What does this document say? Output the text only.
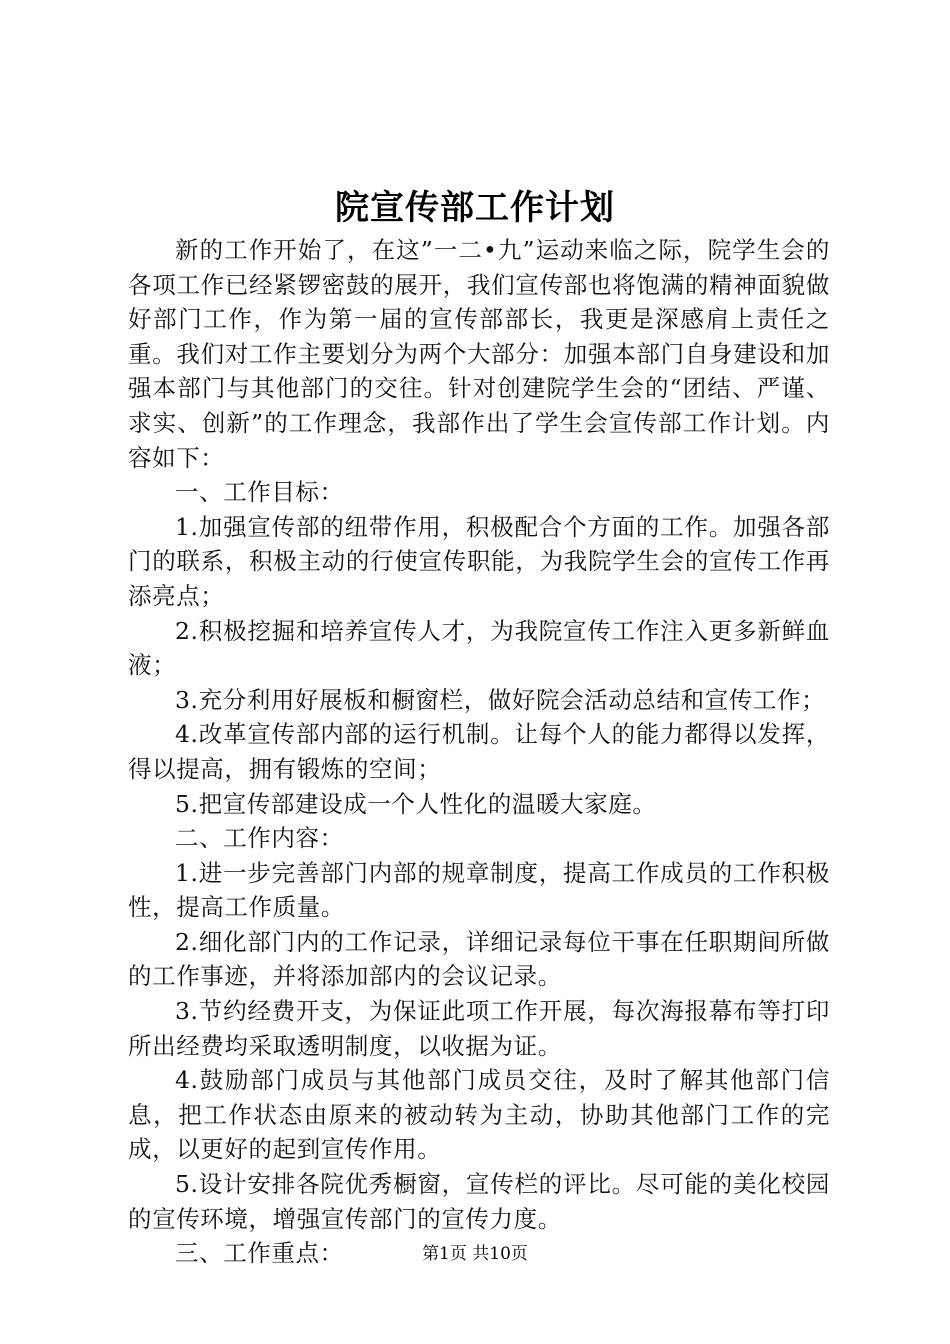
院宣传部工作计划

新的工作开始了，在这”一二•九”运动来临之际，院学生会的各项工作已经紧锣密鼓的展开，我们宣传部也将饱满的精神面貌做好部门工作，作为第一届的宣传部部长，我更是深感肩上责任之重。我们对工作主要划分为两个大部分：加强本部门自身建设和加强本部门与其他部门的交往。针对创建院学生会的“团结、严谨、求实、创新”的工作理念，我部作出了学生会宣传部工作计划。内容如下：

一、工作目标：

1.加强宣传部的纽带作用，积极配合个方面的工作。加强各部门的联系，积极主动的行使宣传职能，为我院学生会的宣传工作再添亮点；

2.积极挖掘和培养宣传人才，为我院宣传工作注入更多新鲜血液；

3.充分利用好展板和橱窗栏，做好院会活动总结和宣传工作；

4.改革宣传部内部的运行机制。让每个人的能力都得以发挥，得以提高，拥有锻炼的空间；

5.把宣传部建设成一个人性化的温暖大家庭。

二、工作内容：

1.进一步完善部门内部的规章制度，提高工作成员的工作积极性，提高工作质量。

2.细化部门内的工作记录，详细记录每位干事在任职期间所做的工作事迹，并将添加部内的会议记录。

3.节约经费开支，为保证此项工作开展，每次海报幕布等打印所出经费均采取透明制度，以收据为证。

4.鼓励部门成员与其他部门成员交往，及时了解其他部门信息，把工作状态由原来的被动转为主动，协助其他部门工作的完成，以更好的起到宣传作用。

5.设计安排各院优秀橱窗，宣传栏的评比。尽可能的美化校园的宣传环境，增强宣传部门的宣传力度。

三、工作重点：	第1页 共10页
